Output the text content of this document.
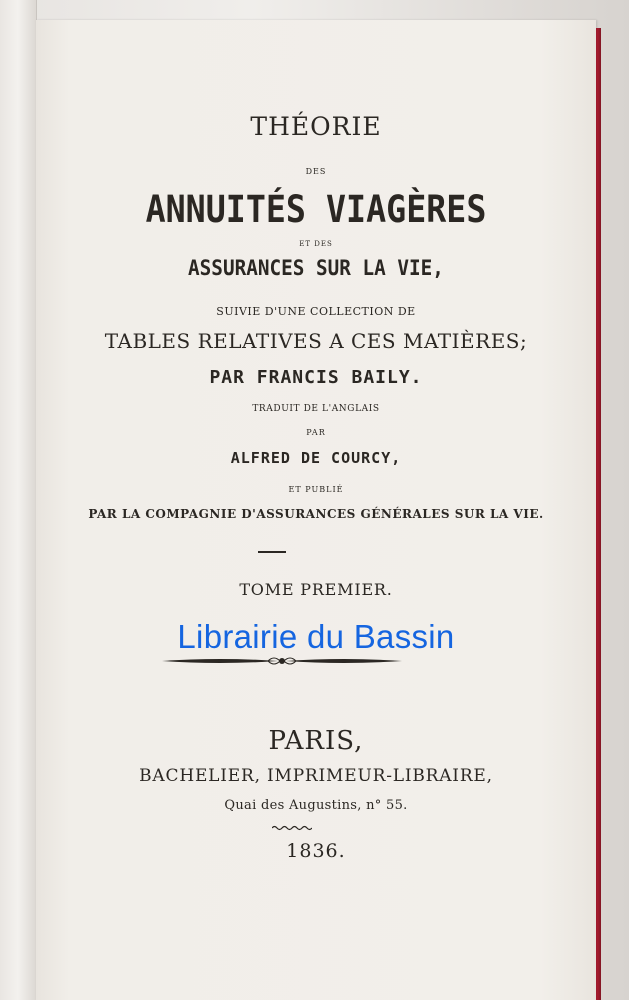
THÉORIE
DES
ANNUITÉS VIAGÈRES
ET DES
ASSURANCES SUR LA VIE,
SUIVIE D'UNE COLLECTION DE
TABLES RELATIVES A CES MATIÈRES;
PAR FRANCIS BAILY.
TRADUIT DE L'ANGLAIS
PAR
ALFRED DE COURCY,
ET PUBLIÉ
PAR LA COMPAGNIE D'ASSURANCES GÉNÉRALES SUR LA VIE.
TOME PREMIER.
Librairie du Bassin
PARIS,
BACHELIER, IMPRIMEUR-LIBRAIRE,
Quai des Augustins, n° 55.
1836.
